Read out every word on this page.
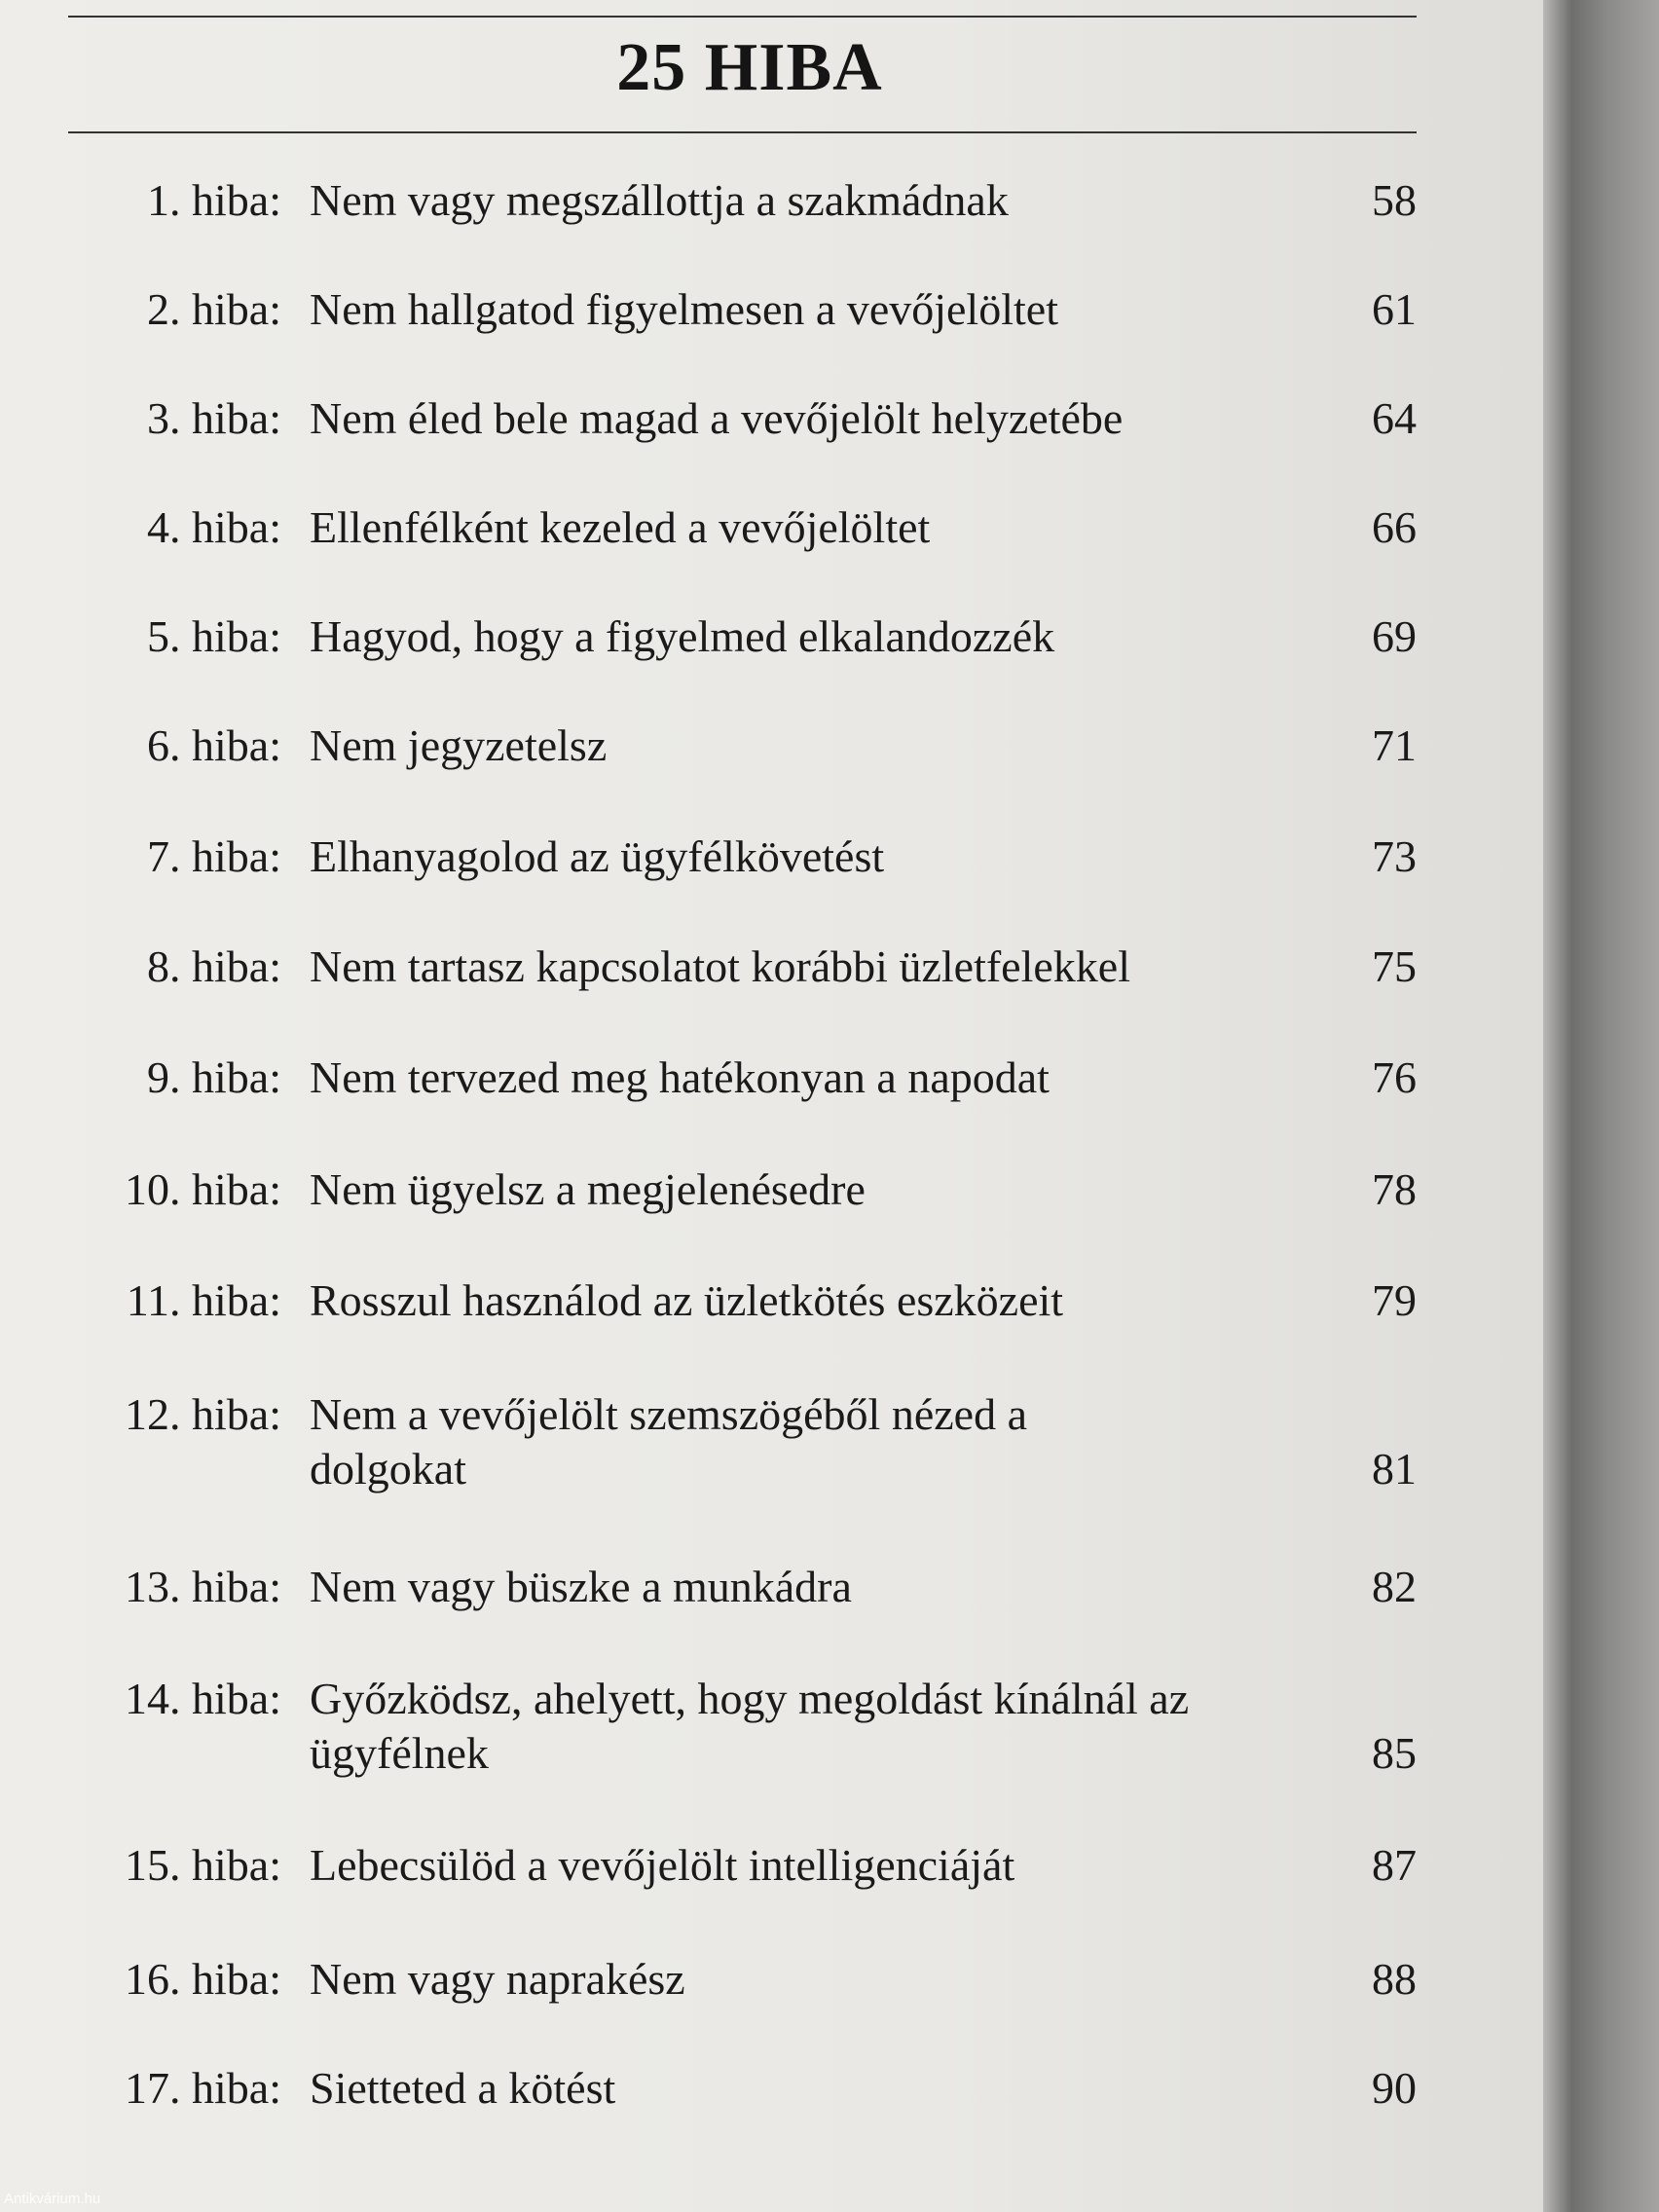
25 HIBA
1. hiba: Nem vagy megszállottja a szakmádnak	58
2. hiba: Nem hallgatod figyelmesen a vevőjelöltet	61
3. hiba: Nem éled bele magad a vevőjelölt helyzetébe	64
4. hiba: Ellenfélként kezeled a vevőjelöltet	66
5. hiba: Hagyod, hogy a figyelmed elkalandozzék	69
6. hiba: Nem jegyzetelsz	71
7. hiba: Elhanyagolod az ügyfélkövetést	73
8. hiba: Nem tartasz kapcsolatot korábbi üzletfelekkel	75
9. hiba: Nem tervezed meg hatékonyan a napodat	76
10. hiba: Nem ügyelsz a megjelenésedre	78
11. hiba: Rosszul használod az üzletkötés eszközeit	79
12. hiba: Nem a vevőjelölt szemszögéből nézed a dolgokat	81
13. hiba: Nem vagy büszke a munkádra	82
14. hiba: Győzködsz, ahelyett, hogy megoldást kínálnál az ügyfélnek	85
15. hiba: Lebecsülöd a vevőjelölt intelligenciáját	87
16. hiba: Nem vagy naprakész	88
17. hiba: Sietteted a kötést	90
Antikvárium.hu
